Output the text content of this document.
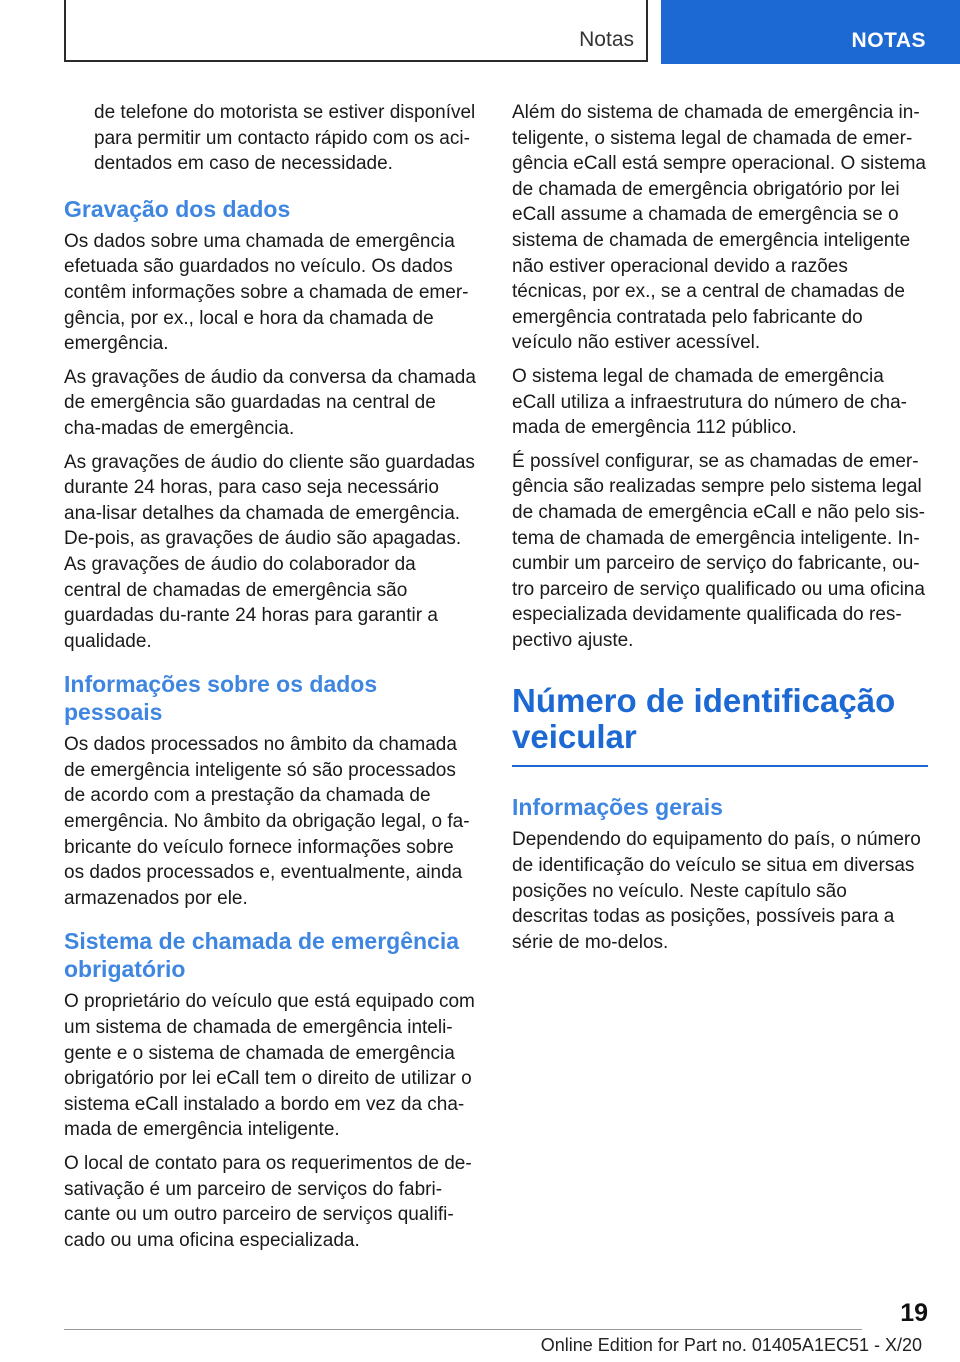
Notas	NOTAS

de telefone do motorista se estiver disponível para permitir um contacto rápido com os aci-dentados em caso de necessidade.

Gravação dos dados

Os dados sobre uma chamada de emergência efetuada são guardados no veículo. Os dados contêm informações sobre a chamada de emer-gência, por ex., local e hora da chamada de emergência.

As gravações de áudio da conversa da chamada de emergência são guardadas na central de cha-madas de emergência.

As gravações de áudio do cliente são guardadas durante 24 horas, para caso seja necessário ana-lisar detalhes da chamada de emergência. De-pois, as gravações de áudio são apagadas. As gravações de áudio do colaborador da central de chamadas de emergência são guardadas du-rante 24 horas para garantir a qualidade.

Informações sobre os dados pessoais

Os dados processados no âmbito da chamada de emergência inteligente só são processados de acordo com a prestação da chamada de emergência. No âmbito da obrigação legal, o fa-bricante do veículo fornece informações sobre os dados processados e, eventualmente, ainda armazenados por ele.

Sistema de chamada de emergência obrigatório

O proprietário do veículo que está equipado com um sistema de chamada de emergência inteli-gente e o sistema de chamada de emergência obrigatório por lei eCall tem o direito de utilizar o sistema eCall instalado a bordo em vez da cha-mada de emergência inteligente.

O local de contato para os requerimentos de de-sativação é um parceiro de serviços do fabri-cante ou um outro parceiro de serviços qualifi-cado ou uma oficina especializada.

Além do sistema de chamada de emergência in-teligente, o sistema legal de chamada de emer-gência eCall está sempre operacional. O sistema de chamada de emergência obrigatório por lei eCall assume a chamada de emergência se o sistema de chamada de emergência inteligente não estiver operacional devido a razões técnicas, por ex., se a central de chamadas de emergência contratada pelo fabricante do veículo não estiver acessível.

O sistema legal de chamada de emergência eCall utiliza a infraestrutura do número de cha-mada de emergência 112 público.

É possível configurar, se as chamadas de emer-gência são realizadas sempre pelo sistema legal de chamada de emergência eCall e não pelo sis-tema de chamada de emergência inteligente. In-cumbir um parceiro de serviço do fabricante, ou-tro parceiro de serviço qualificado ou uma oficina especializada devidamente qualificada do res-pectivo ajuste.

Número de identificação veicular
Informações gerais

Dependendo do equipamento do país, o número de identificação do veículo se situa em diversas posições no veículo. Neste capítulo são descritas todas as posições, possíveis para a série de mo-delos.

19
Online Edition for Part no. 01405A1EC51 - X/20
